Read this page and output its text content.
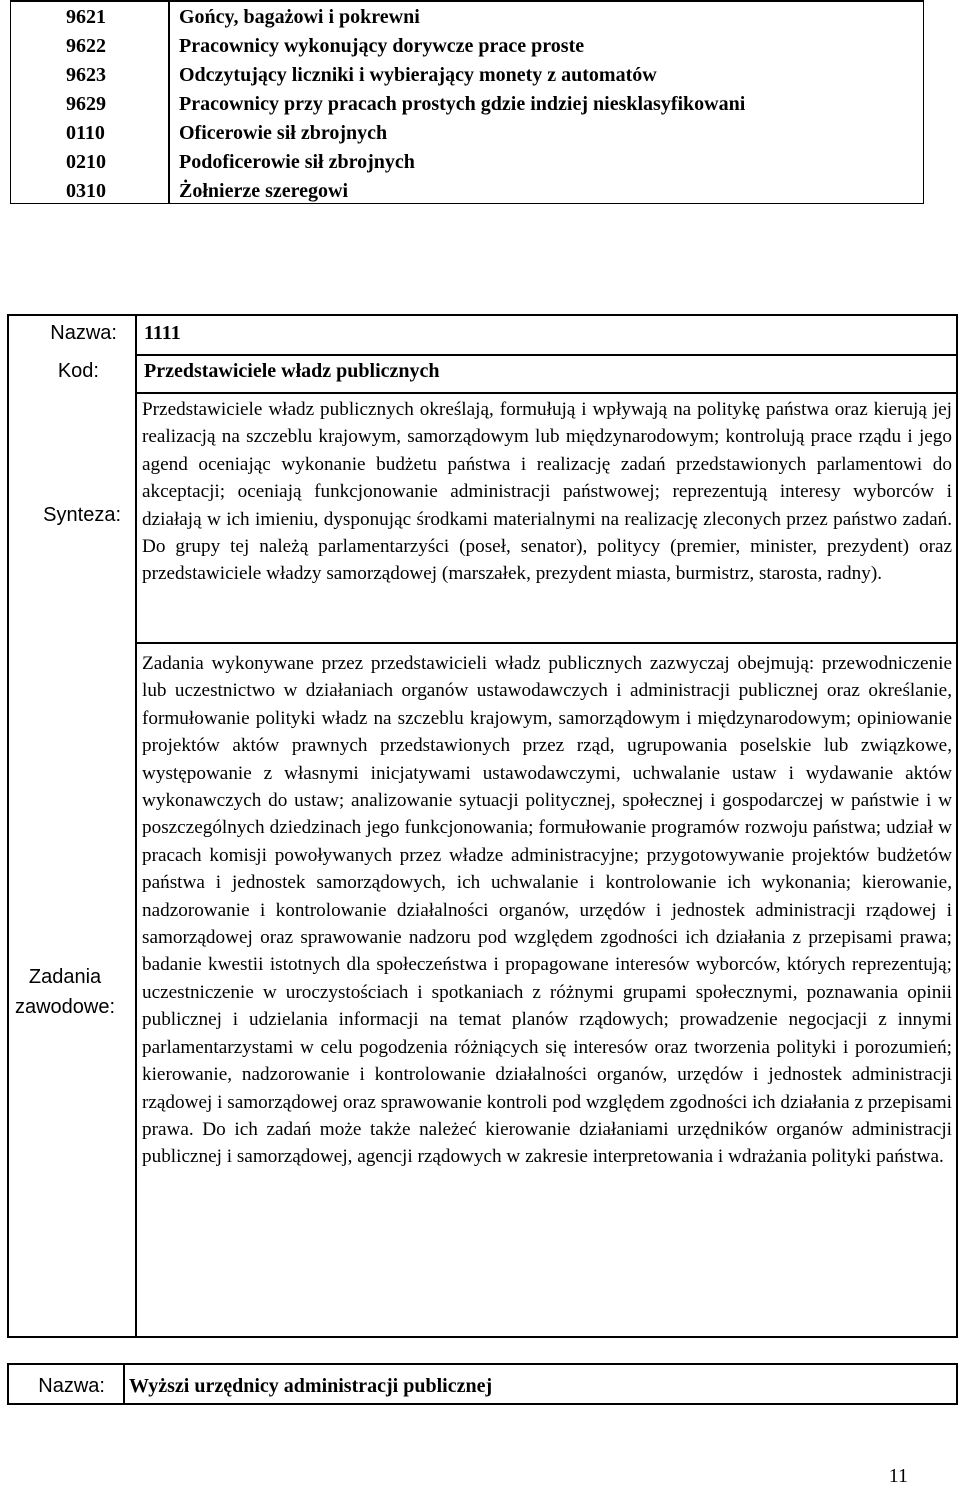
9621	Gońcy, bagażowi i pokrewni
9622	Pracownicy wykonujący dorywcze prace proste
9623	Odczytujący liczniki i wybierający monety z automatów
9629	Pracownicy przy pracach prostych gdzie indziej niesklasyfikowani
0110	Oficerowie sił zbrojnych
0210	Podoficerowie sił zbrojnych
0310	Żołnierze szeregowi
Nazwa: 1111
Kod: Przedstawiciele władz publicznych
Synteza:
Przedstawiciele władz publicznych określają, formułują i wpływają na politykę państwa oraz kierują jej realizacją na szczeblu krajowym, samorządowym lub międzynarodowym; kontrolują prace rządu i jego agend oceniając wykonanie budżetu państwa i realizację zadań przedstawionych parlamentowi do akceptacji; oceniają funkcjonowanie administracji państwowej; reprezentują interesy wyborców i działają w ich imieniu, dysponując środkami materialnymi na realizację zleconych przez państwo zadań. Do grupy tej należą parlamentarzyści (poseł, senator), politycy (premier, minister, prezydent) oraz przedstawiciele władzy samorządowej (marszałek, prezydent miasta, burmistrz, starosta, radny).
Zadania
zawodowe:
Zadania wykonywane przez przedstawicieli władz publicznych zazwyczaj obejmują: przewodniczenie lub uczestnictwo w działaniach organów ustawodawczych i administracji publicznej oraz określanie, formułowanie polityki władz na szczeblu krajowym, samorządowym i międzynarodowym; opiniowanie projektów aktów prawnych przedstawionych przez rząd, ugrupowania poselskie lub związkowe, występowanie z własnymi inicjatywami ustawodawczymi, uchwalanie ustaw i wydawanie aktów wykonawczych do ustaw; analizowanie sytuacji politycznej, społecznej i gospodarczej w państwie i w poszczególnych dziedzinach jego funkcjonowania; formułowanie programów rozwoju państwa; udział w pracach komisji powoływanych przez władze administracyjne; przygotowywanie projektów budżetów państwa i jednostek samorządowych, ich uchwalanie i kontrolowanie ich wykonania; kierowanie, nadzorowanie i kontrolowanie działalności organów, urzędów i jednostek administracji rządowej i samorządowej oraz sprawowanie nadzoru pod względem zgodności ich działania z przepisami prawa; badanie kwestii istotnych dla społeczeństwa i propagowane interesów wyborców, których reprezentują; uczestniczenie w uroczystościach i spotkaniach z różnymi grupami społecznymi, poznawania opinii publicznej i udzielania informacji na temat planów rządowych; prowadzenie negocjacji z innymi parlamentarzystami w celu pogodzenia różniących się interesów oraz tworzenia polityki i porozumień; kierowanie, nadzorowanie i kontrolowanie działalności organów, urzędów i jednostek administracji rządowej i samorządowej oraz sprawowanie kontroli pod względem zgodności ich działania z przepisami prawa. Do ich zadań może także należeć kierowanie działaniami urzędników organów administracji publicznej i samorządowej, agencji rządowych w zakresie interpretowania i wdrażania polityki państwa.
Nazwa: Wyższi urzędnicy administracji publicznej
11
